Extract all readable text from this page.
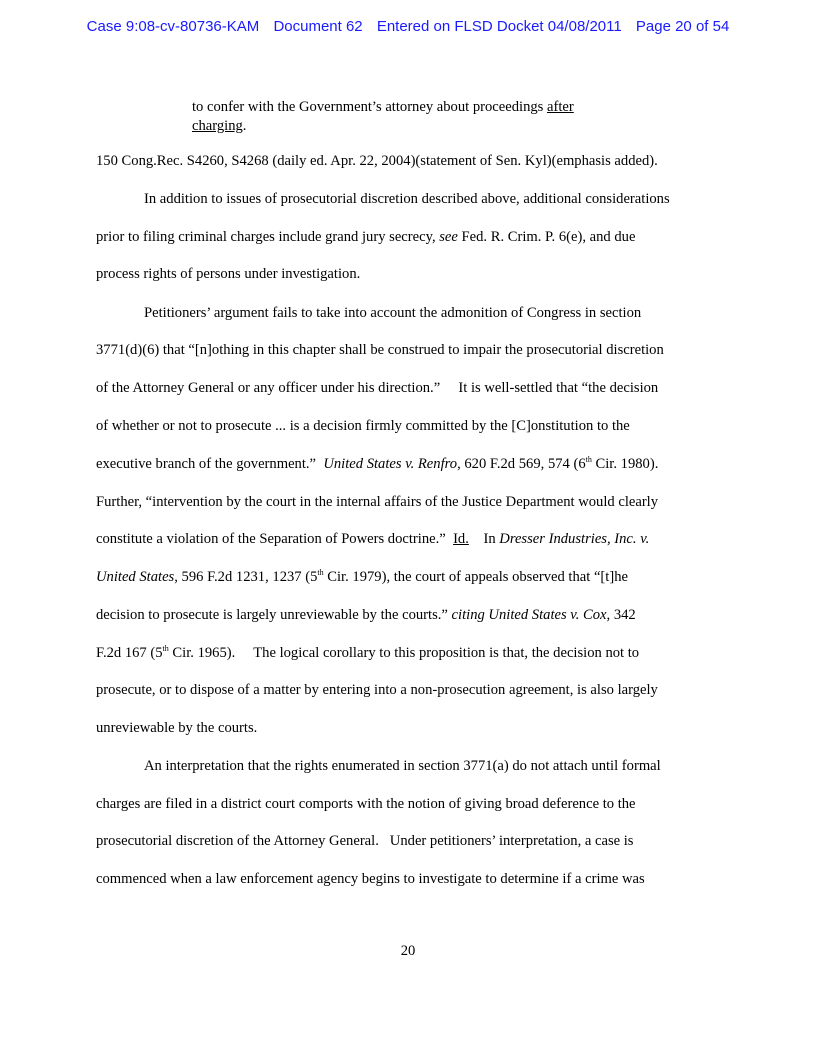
Case 9:08-cv-80736-KAM Document 62 Entered on FLSD Docket 04/08/2011 Page 20 of 54
to confer with the Government’s attorney about proceedings after
charging.
150 Cong.Rec. S4260, S4268 (daily ed. Apr. 22, 2004)(statement of Sen. Kyl)(emphasis added).
In addition to issues of prosecutorial discretion described above, additional considerations
prior to filing criminal charges include grand jury secrecy, see Fed. R. Crim. P. 6(e), and due
process rights of persons under investigation.
Petitioners’ argument fails to take into account the admonition of Congress in section
3771(d)(6) that “[n]othing in this chapter shall be construed to impair the prosecutorial discretion
of the Attorney General or any officer under his direction.”     It is well-settled that “the decision
of whether or not to prosecute ... is a decision firmly committed by the [C]onstitution to the
executive branch of the government.”  United States v. Renfro, 620 F.2d 569, 574 (6th Cir. 1980).
Further, “intervention by the court in the internal affairs of the Justice Department would clearly
constitute a violation of the Separation of Powers doctrine.”  Id.    In Dresser Industries, Inc. v.
United States, 596 F.2d 1231, 1237 (5th Cir. 1979), the court of appeals observed that “[t]he
decision to prosecute is largely unreviewable by the courts.” citing United States v. Cox, 342
F.2d 167 (5th Cir. 1965).     The logical corollary to this proposition is that, the decision not to
prosecute, or to dispose of a matter by entering into a non-prosecution agreement, is also largely
unreviewable by the courts.
An interpretation that the rights enumerated in section 3771(a) do not attach until formal
charges are filed in a district court comports with the notion of giving broad deference to the
prosecutorial discretion of the Attorney General.   Under petitioners’ interpretation, a case is
commenced when a law enforcement agency begins to investigate to determine if a crime was
20
